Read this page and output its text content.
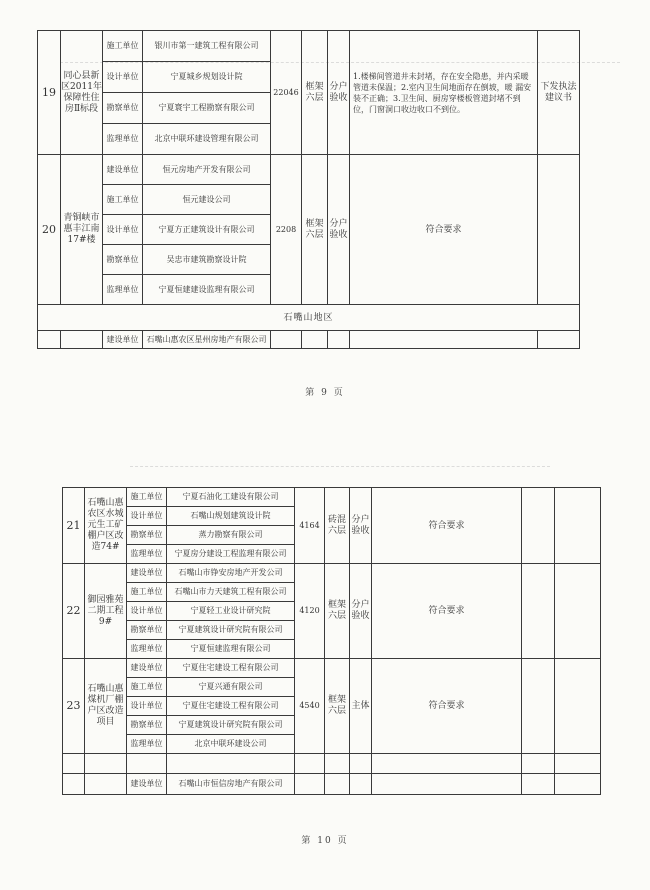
19	同心县新区2011年保障性住房Ⅱ标段	施工单位	银川市第一建筑工程有限公司	22046	框架六层	分户验收	1.楼梯间管道井未封堵，存在安全隐患，并内采暖管道未保温；2.室内卫生间地面存在倒坡，暖 漏安装不正确；3.卫生间、厨房穿楼板管道封堵不到位，门窗洞口收边收口不到位。	下发执法建议书
		设计单位	宁夏城乡规划设计院					
		勘察单位	宁夏寰宇工程勘察有限公司					
		监理单位	北京中联环建设管理有限公司					
20	青铜峡市惠丰江南17#楼	建设单位	恒元房地产开发有限公司	2208	框架六层	分户验收	符合要求	
		施工单位	恒元建设公司					
		设计单位	宁夏方正建筑设计有限公司					
		勘察单位	吴忠市建筑勘察设计院					
		监理单位	宁夏恒建建设监理有限公司					
石嘴山地区								
		建设单位	石嘴山惠农区星州房地产有限公司					
第 9 页
21	石嘴山惠农区水城元生工矿棚户区改造74#	施工单位	宁夏石油化工建设有限公司	4164	砖混六层	分户验收	符合要求		
		设计单位	石嘴山规划建筑设计院						
		勘察单位	蒸力勘察有限公司						
		监理单位	宁夏房分建设工程监理有限公司						
22	御园雅苑二期工程9#	建设单位	石嘴山市铮安房地产开发公司	4120	框架六层	分户验收	符合要求		
		施工单位	石嘴山市力天建筑工程有限公司						
		设计单位	宁夏轻工业设计研究院						
		勘察单位	宁夏建筑设计研究院有限公司						
		监理单位	宁夏恒建监理有限公司						
23	石嘴山惠煤机厂棚户区改造项目	建设单位	宁夏住宅建设工程有限公司	4540	框架六层	主体	符合要求		
		施工单位	宁夏兴通有限公司						
		设计单位	宁夏住宅建设工程有限公司						
		勘察单位	宁夏建筑设计研究院有限公司						
		监理单位	北京中联环建设公司						

		建设单位	石嘴山市恒信房地产有限公司						
第 10 页
